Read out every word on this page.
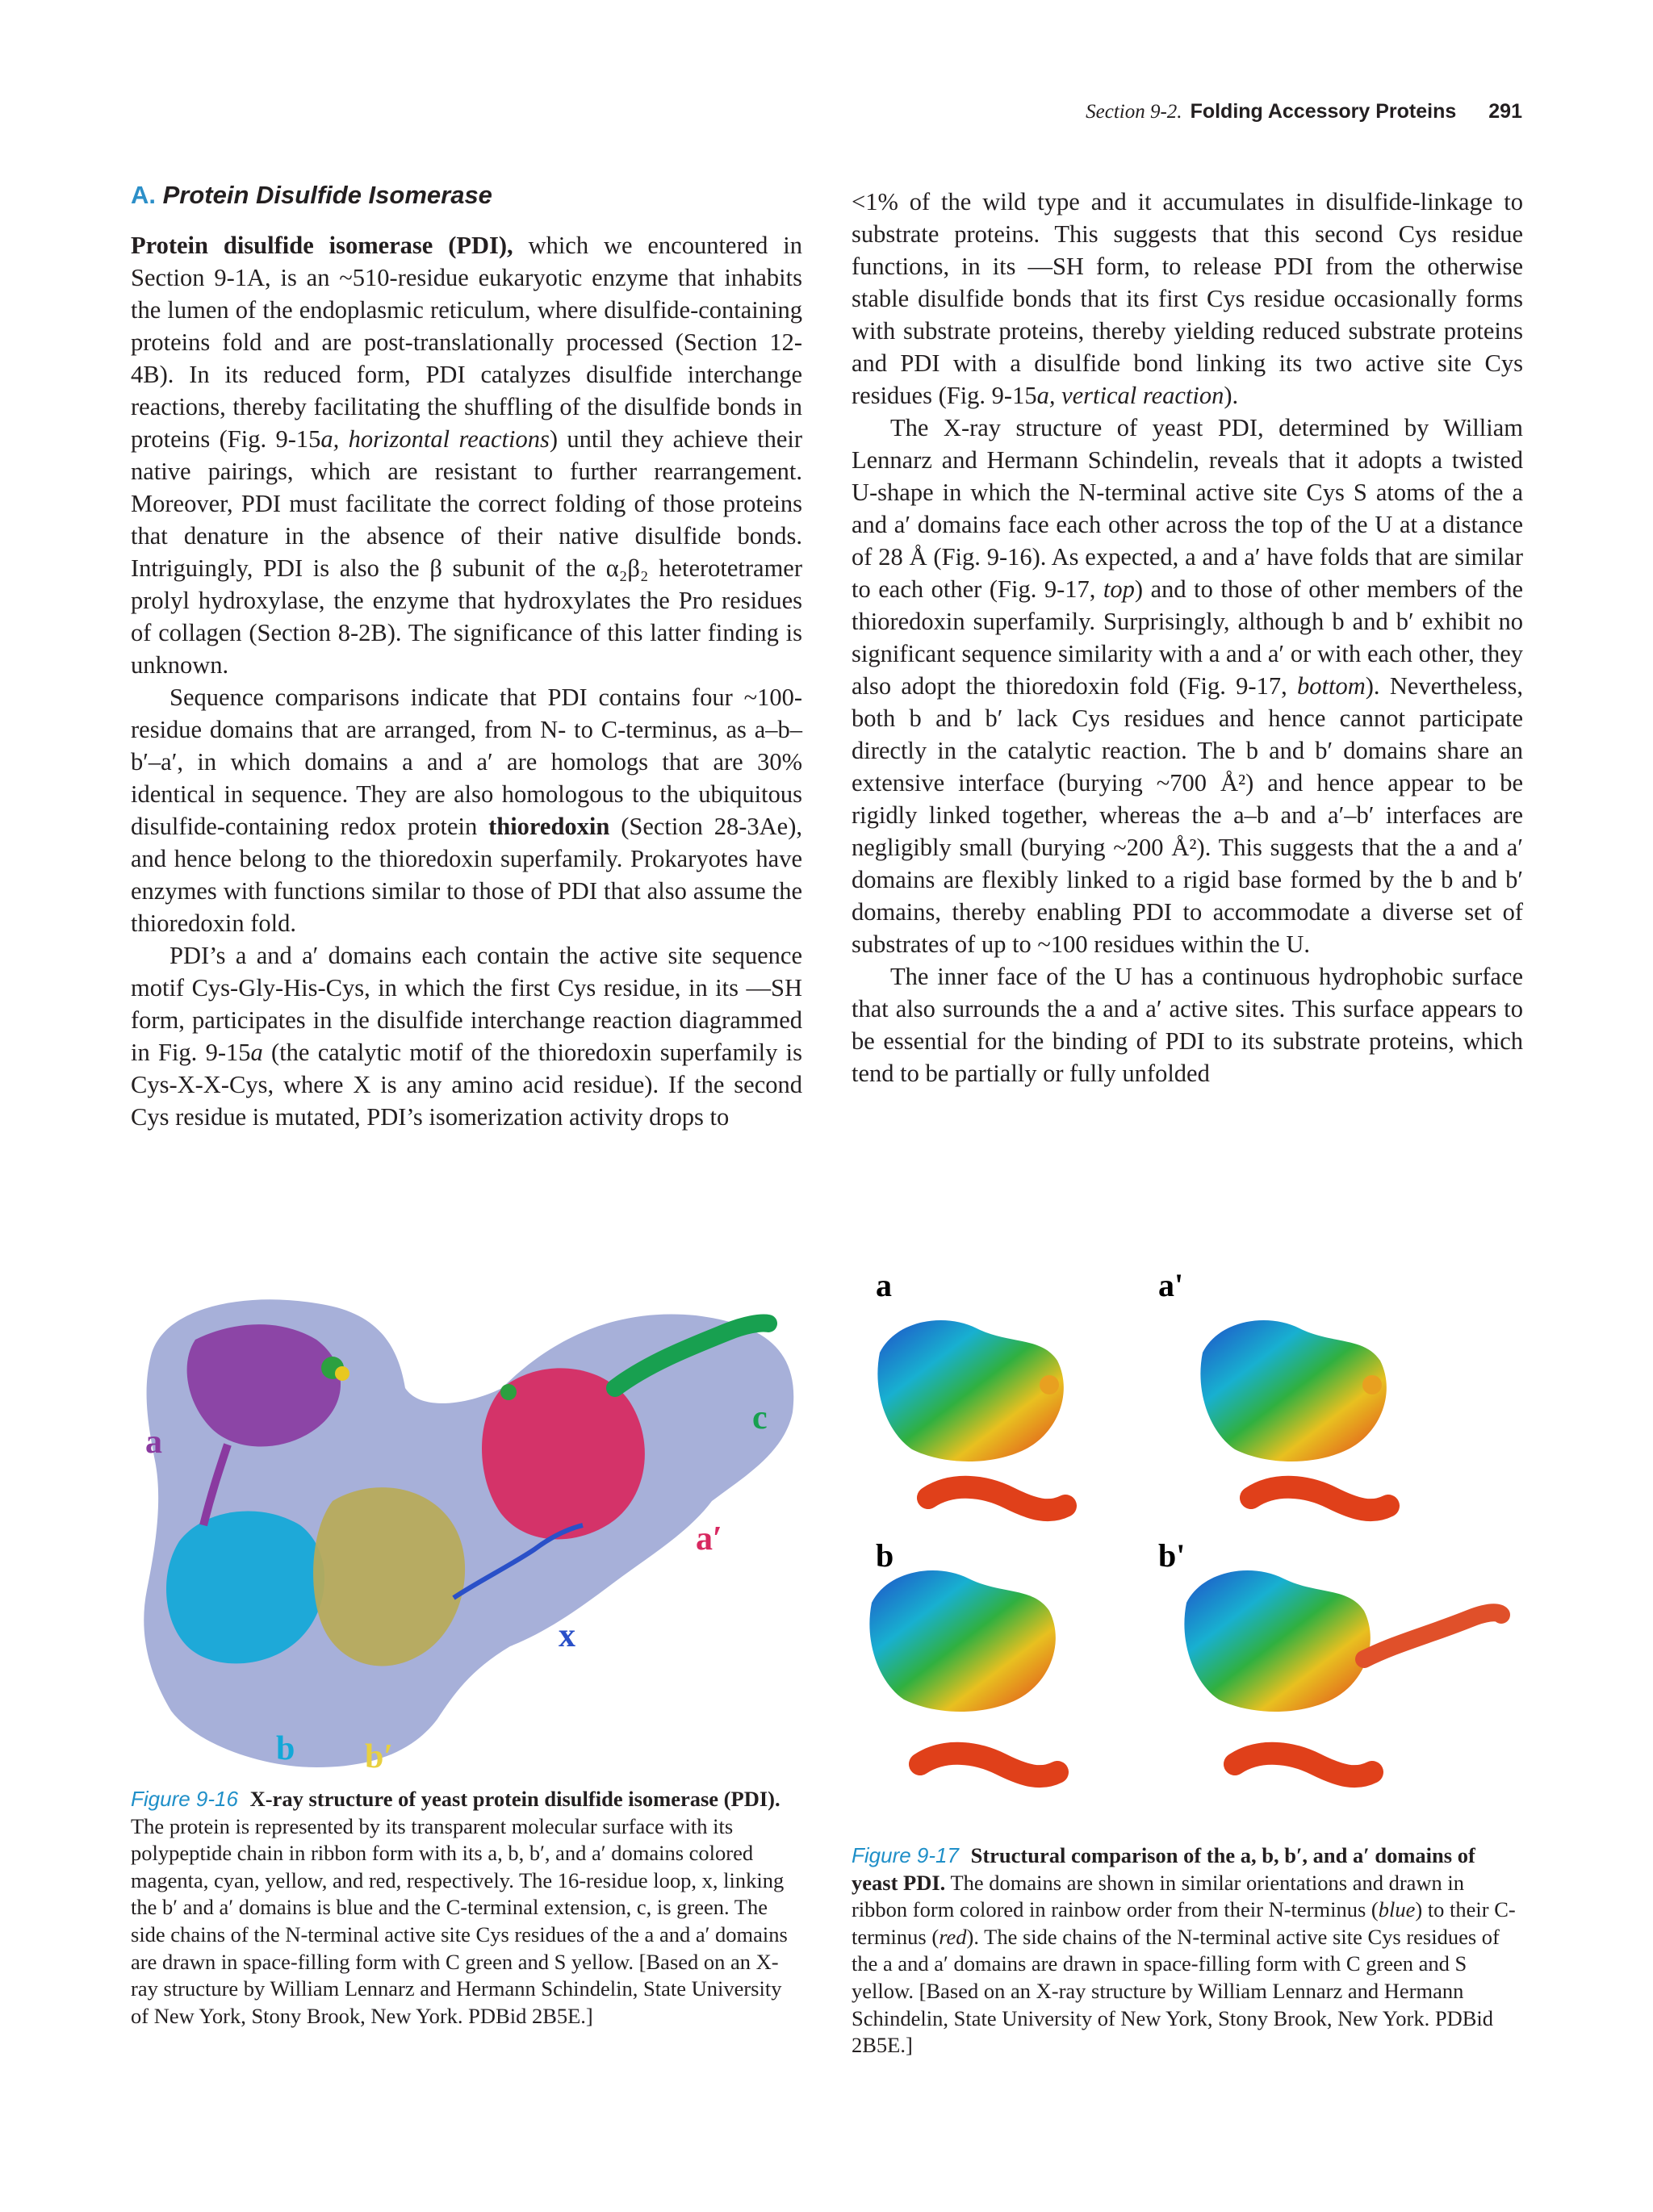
Section 9-2. Folding Accessory Proteins 291
A. Protein Disulfide Isomerase

Protein disulfide isomerase (PDI), which we encountered in Section 9-1A, is an ~510-residue eukaryotic enzyme that inhabits the lumen of the endoplasmic reticulum, where disulfide-containing proteins fold and are post-translationally processed (Section 12-4B). In its reduced form, PDI catalyzes disulfide interchange reactions, thereby facilitating the shuffling of the disulfide bonds in proteins (Fig. 9-15a, horizontal reactions) until they achieve their native pairings, which are resistant to further rearrangement. Moreover, PDI must facilitate the correct folding of those proteins that denature in the absence of their native disulfide bonds. Intriguingly, PDI is also the β subunit of the α₂β₂ heterotetramer prolyl hydroxylase, the enzyme that hydroxylates the Pro residues of collagen (Section 8-2B). The significance of this latter finding is unknown.

Sequence comparisons indicate that PDI contains four ~100-residue domains that are arranged, from N- to C-terminus, as a–b–b′–a′, in which domains a and a′ are homologs that are 30% identical in sequence. They are also homologous to the ubiquitous disulfide-containing redox protein thioredoxin (Section 28-3Ae), and hence belong to the thioredoxin superfamily. Prokaryotes have enzymes with functions similar to those of PDI that also assume the thioredoxin fold.

PDI’s a and a′ domains each contain the active site sequence motif Cys-Gly-His-Cys, in which the first Cys residue, in its —SH form, participates in the disulfide interchange reaction diagrammed in Fig. 9-15a (the catalytic motif of the thioredoxin superfamily is Cys-X-X-Cys, where X is any amino acid residue). If the second Cys residue is mutated, PDI’s isomerization activity drops to

<1% of the wild type and it accumulates in disulfide-linkage to substrate proteins. This suggests that this second Cys residue functions, in its —SH form, to release PDI from the otherwise stable disulfide bonds that its first Cys residue occasionally forms with substrate proteins, thereby yielding reduced substrate proteins and PDI with a disulfide bond linking its two active site Cys residues (Fig. 9-15a, vertical reaction).

The X-ray structure of yeast PDI, determined by William Lennarz and Hermann Schindelin, reveals that it adopts a twisted U-shape in which the N-terminal active site Cys S atoms of the a and a′ domains face each other across the top of the U at a distance of 28 Å (Fig. 9-16). As expected, a and a′ have folds that are similar to each other (Fig. 9-17, top) and to those of other members of the thioredoxin superfamily. Surprisingly, although b and b′ exhibit no significant sequence similarity with a and a′ or with each other, they also adopt the thioredoxin fold (Fig. 9-17, bottom). Nevertheless, both b and b′ lack Cys residues and hence cannot participate directly in the catalytic reaction. The b and b′ domains share an extensive interface (burying ~700 Å²) and hence appear to be rigidly linked together, whereas the a–b and a′–b′ interfaces are negligibly small (burying ~200 Å²). This suggests that the a and a′ domains are flexibly linked to a rigid base formed by the b and b′ domains, thereby enabling PDI to accommodate a diverse set of substrates of up to ~100 residues within the U.

The inner face of the U has a continuous hydrophobic surface that also surrounds the a and a′ active sites. This surface appears to be essential for the binding of PDI to its substrate proteins, which tend to be partially or fully unfolded

a
b b′
a′
x
c
Figure 9-16 X-ray structure of yeast protein disulfide isomerase (PDI). The protein is represented by its transparent molecular surface with its polypeptide chain in ribbon form with its a, b, b′, and a′ domains colored magenta, cyan, yellow, and red, respectively. The 16-residue loop, x, linking the b′ and a′ domains is blue and the C-terminal extension, c, is green. The side chains of the N-terminal active site Cys residues of the a and a′ domains are drawn in space-filling form with C green and S yellow. [Based on an X-ray structure by William Lennarz and Hermann Schindelin, State University of New York, Stony Brook, New York. PDBid 2B5E.]
a	a'
b	b'
Figure 9-17 Structural comparison of the a, b, b′, and a′ domains of yeast PDI. The domains are shown in similar orientations and drawn in ribbon form colored in rainbow order from their N-terminus (blue) to their C-terminus (red). The side chains of the N-terminal active site Cys residues of the a and a′ domains are drawn in space-filling form with C green and S yellow. [Based on an X-ray structure by William Lennarz and Hermann Schindelin, State University of New York, Stony Brook, New York. PDBid 2B5E.]
